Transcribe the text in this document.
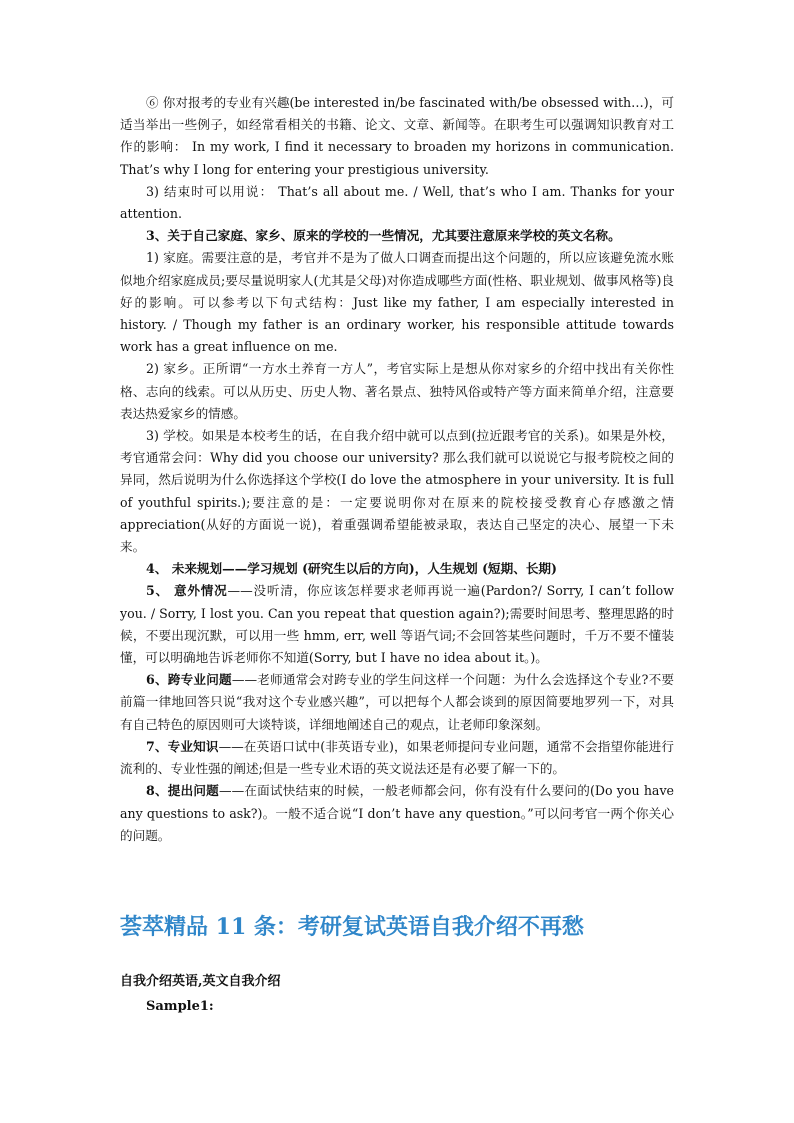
⑥ 你对报考的专业有兴趣(be interested in/be fascinated with/be obsessed with…)，可适当举出一些例子，如经常看相关的书籍、论文、文章、新闻等。在职考生可以强调知识教育对工作的影响： In my work, I find it necessary to broaden my horizons in communication. That’s why I long for entering your prestigious university.

3) 结束时可以用说： That’s all about me. / Well, that’s who I am. Thanks for your attention.

3、关于自己家庭、家乡、原来的学校的一些情况，尤其要注意原来学校的英文名称。

1) 家庭。需要注意的是，考官并不是为了做人口调查而提出这个问题的，所以应该避免流水账似地介绍家庭成员;要尽量说明家人(尤其是父母)对你造成哪些方面(性格、职业规划、做事风格等)良好的影响。可以参考以下句式结构：Just like my father, I am especially interested in history. / Though my father is an ordinary worker, his responsible attitude towards work has a great influence on me.

2) 家乡。正所谓“一方水土养育一方人”，考官实际上是想从你对家乡的介绍中找出有关你性格、志向的线索。可以从历史、历史人物、著名景点、独特风俗或特产等方面来简单介绍，注意要表达热爱家乡的情感。

3) 学校。如果是本校考生的话，在自我介绍中就可以点到(拉近跟考官的关系)。如果是外校，考官通常会问：Why did you choose our university? 那么我们就可以说说它与报考院校之间的异同，然后说明为什么你选择这个学校(I do love the atmosphere in your university. It is full of youthful spirits.);要注意的是：一定要说明你对在原来的院校接受教育心存感激之情 appreciation(从好的方面说一说)，着重强调希望能被录取，表达自己坚定的决心、展望一下未来。

4、 未来规划——学习规划 (研究生以后的方向)，人生规划 (短期、长期)

5、 意外情况——没听清，你应该怎样要求老师再说一遍(Pardon?/ Sorry, I can’t follow you. / Sorry, I lost you. Can you repeat that question again?);需要时间思考、整理思路的时候，不要出现沉默，可以用一些 hmm, err, well 等语气词;不会回答某些问题时，千万不要不懂装懂，可以明确地告诉老师你不知道(Sorry, but I have no idea about it。)。

6、跨专业问题——老师通常会对跨专业的学生问这样一个问题：为什么会选择这个专业?不要前篇一律地回答只说“我对这个专业感兴趣”，可以把每个人都会谈到的原因简要地罗列一下，对具有自己特色的原因则可大谈特谈，详细地阐述自己的观点，让老师印象深刻。

7、专业知识——在英语口试中(非英语专业)，如果老师提问专业问题，通常不会指望你能进行流利的、专业性强的阐述;但是一些专业术语的英文说法还是有必要了解一下的。

8、提出问题——在面试快结束的时候，一般老师都会问，你有没有什么要问的(Do you have any questions to ask?)。一般不适合说“I don’t have any question。”可以问考官一两个你关心的问题。

荟萃精品 11 条：考研复试英语自我介绍不再愁
自我介绍英语,英文自我介绍
Sample1:
